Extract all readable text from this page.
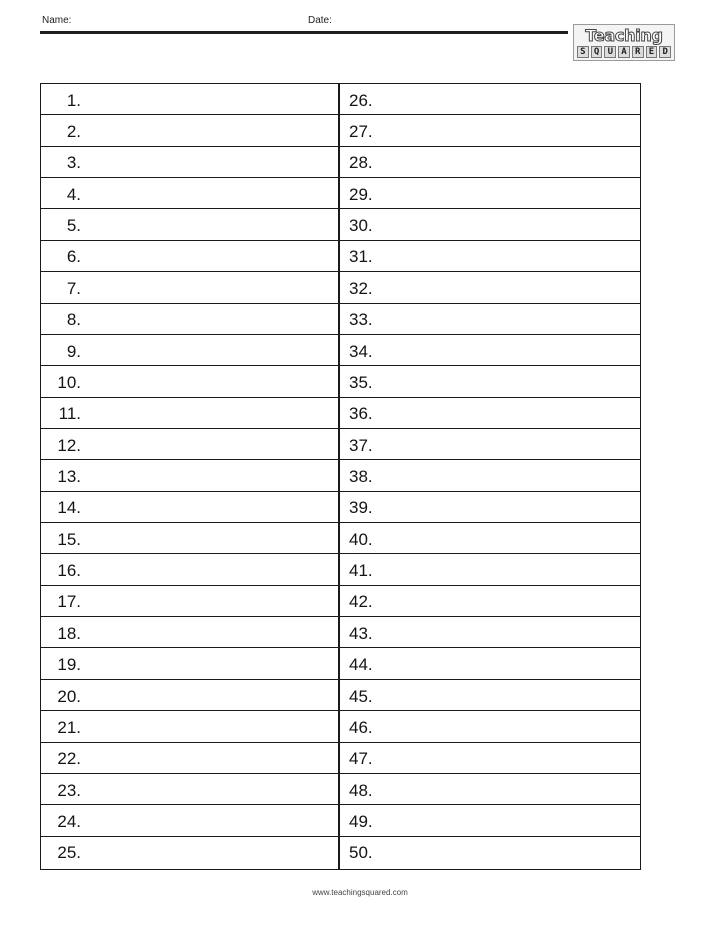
Name:	Date:
Teaching
S Q U A R E D
1.	26.
2.	27.
3.	28.
4.	29.
5.	30.
6.	31.
7.	32.
8.	33.
9.	34.
10.	35.
11.	36.
12.	37.
13.	38.
14.	39.
15.	40.
16.	41.
17.	42.
18.	43.
19.	44.
20.	45.
21.	46.
22.	47.
23.	48.
24.	49.
25.	50.
www.teachingsquared.com
